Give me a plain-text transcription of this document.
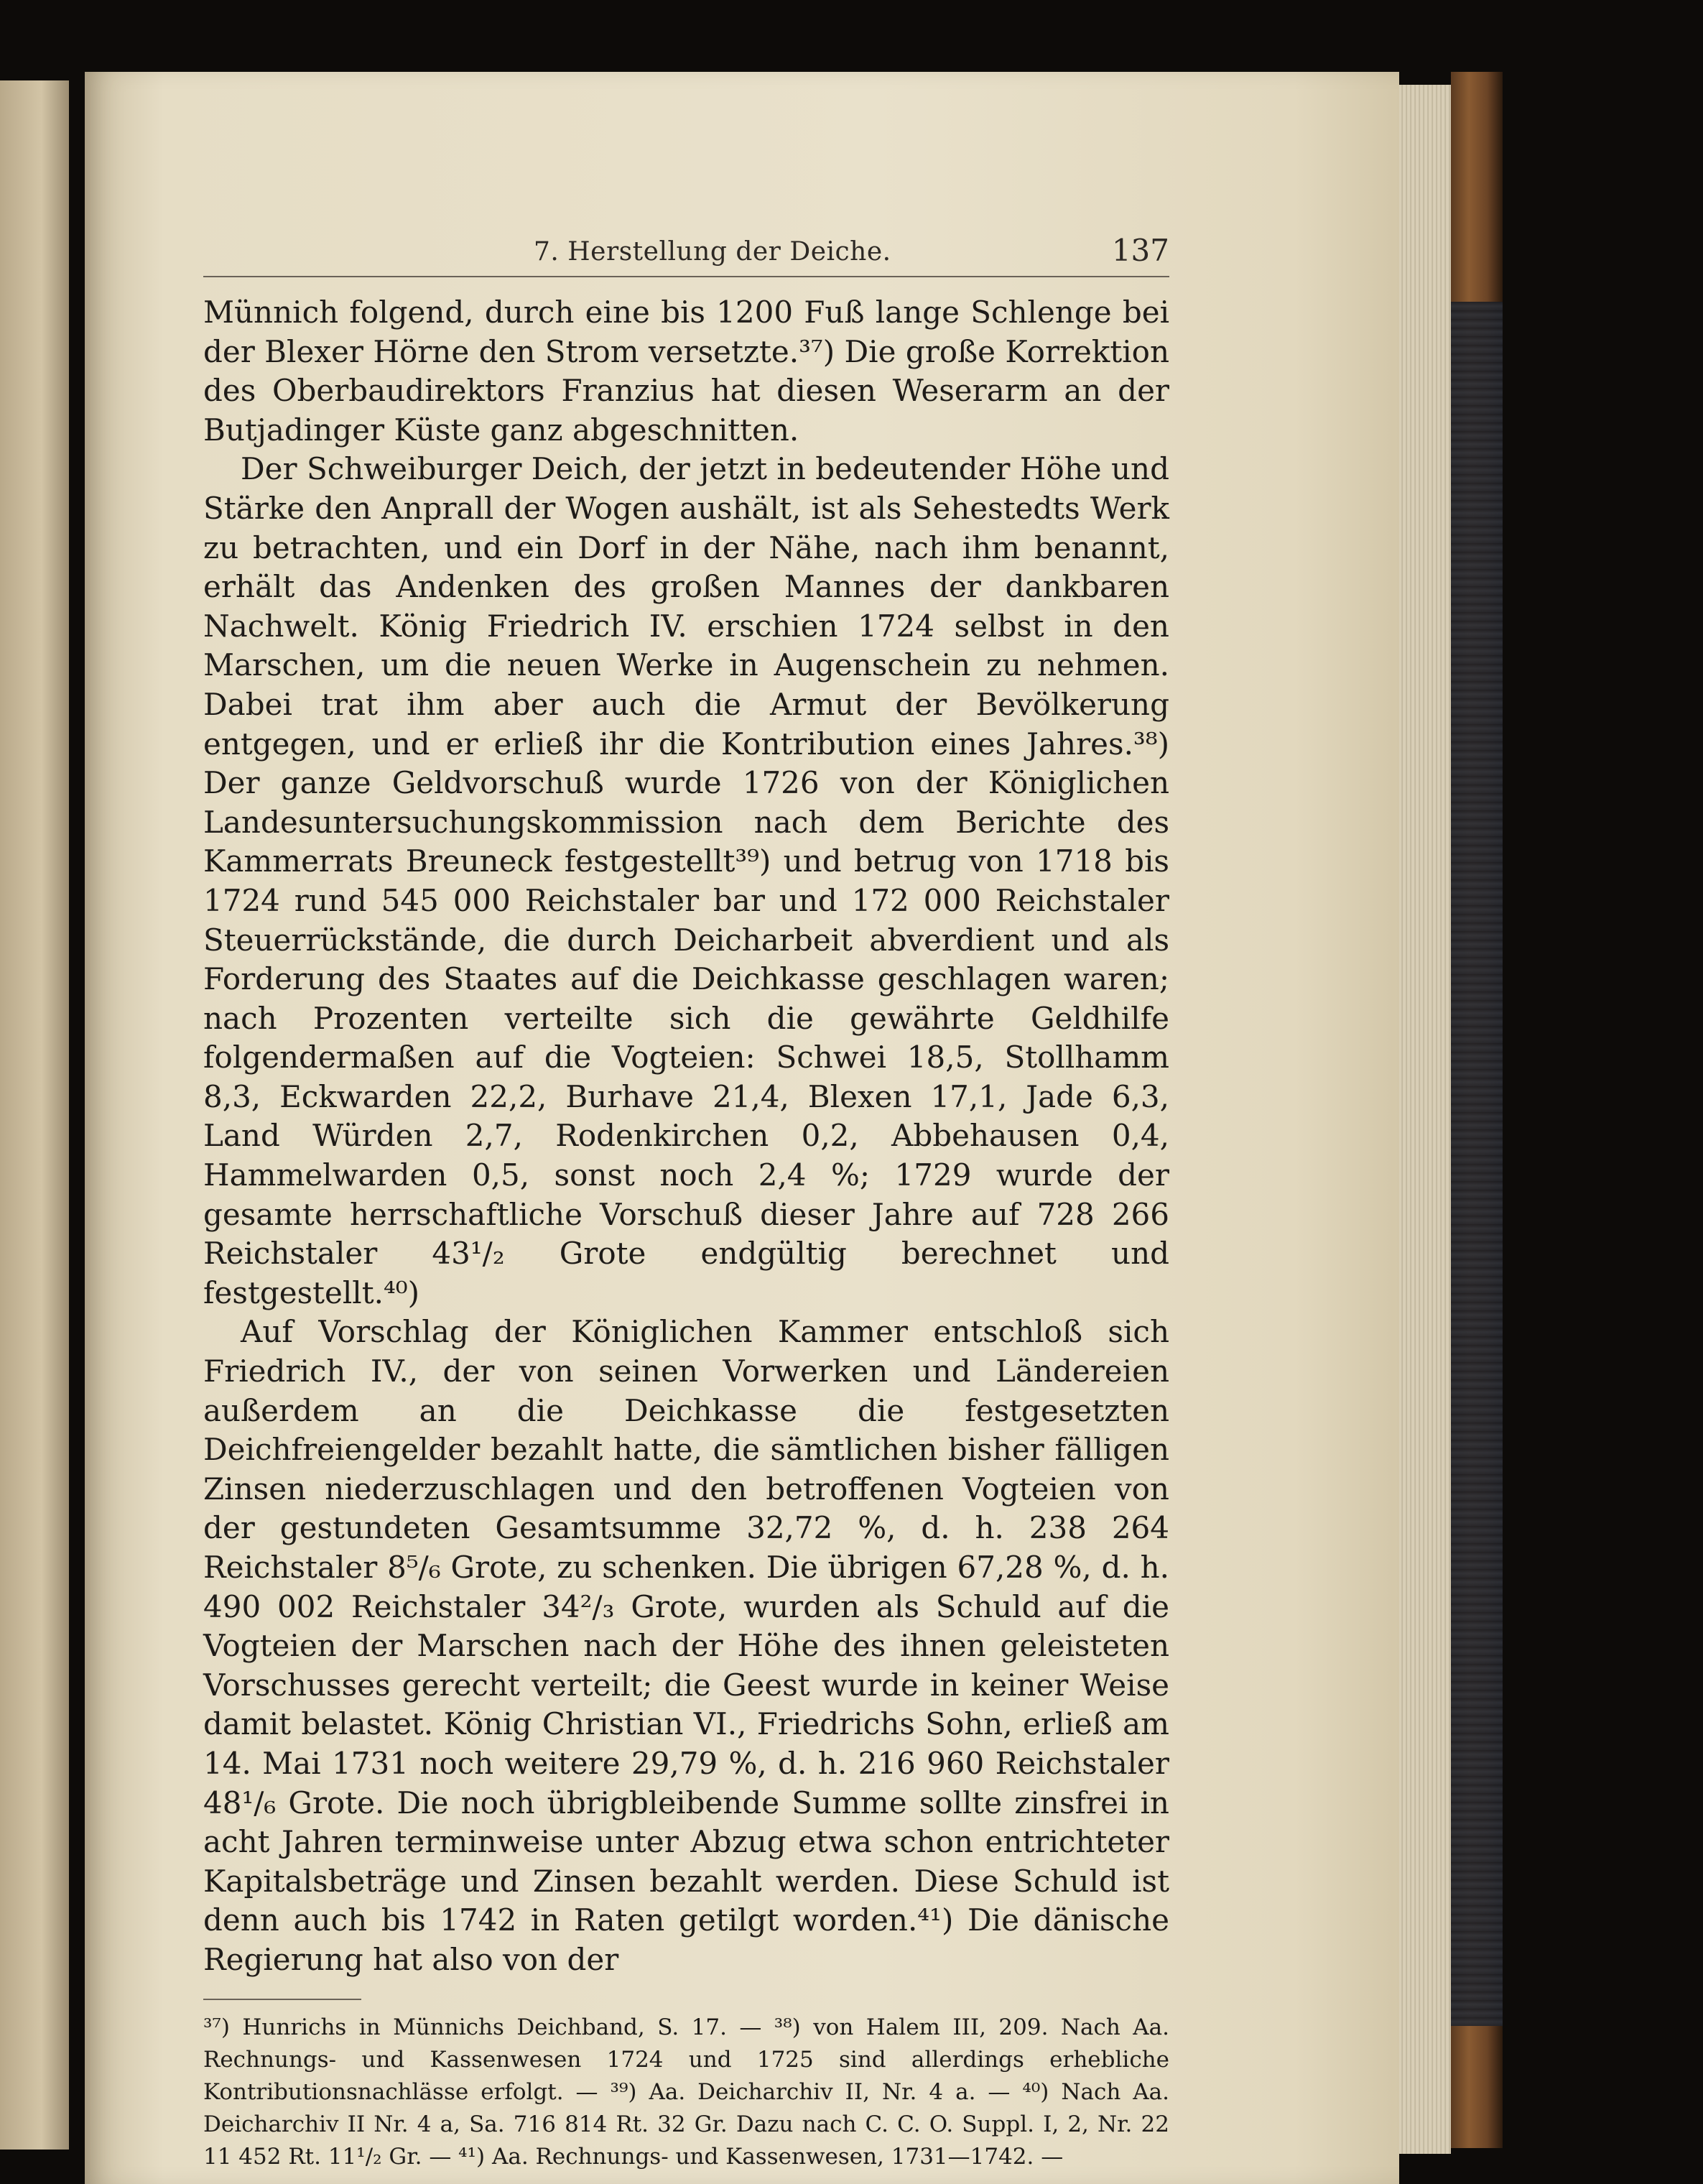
7. Herstellung der Deiche.	137

Münnich folgend, durch eine bis 1200 Fuß lange Schlenge bei der Blexer Hörne den Strom versetzte.³⁷) Die große Korrektion des Oberbaudirektors Franzius hat diesen Weserarm an der Butjadinger Küste ganz abgeschnitten.

Der Schweiburger Deich, der jetzt in bedeutender Höhe und Stärke den Anprall der Wogen aushält, ist als Sehestedts Werk zu betrachten, und ein Dorf in der Nähe, nach ihm benannt, erhält das Andenken des großen Mannes der dankbaren Nachwelt. König Friedrich IV. erschien 1724 selbst in den Marschen, um die neuen Werke in Augenschein zu nehmen. Dabei trat ihm aber auch die Armut der Bevölkerung entgegen, und er erließ ihr die Kontribution eines Jahres.³⁸) Der ganze Geldvorschuß wurde 1726 von der Königlichen Landesuntersuchungskommission nach dem Berichte des Kammerrats Breuneck festgestellt³⁹) und betrug von 1718 bis 1724 rund 545 000 Reichstaler bar und 172 000 Reichstaler Steuerrückstände, die durch Deicharbeit abverdient und als Forderung des Staates auf die Deichkasse geschlagen waren; nach Prozenten verteilte sich die gewährte Geldhilfe folgendermaßen auf die Vogteien: Schwei 18,5, Stollhamm 8,3, Eckwarden 22,2, Burhave 21,4, Blexen 17,1, Jade 6,3, Land Würden 2,7, Rodenkirchen 0,2, Abbehausen 0,4, Hammelwarden 0,5, sonst noch 2,4 %; 1729 wurde der gesamte herrschaftliche Vorschuß dieser Jahre auf 728 266 Reichstaler 43¹/₂ Grote endgültig berechnet und festgestellt.⁴⁰)

Auf Vorschlag der Königlichen Kammer entschloß sich Friedrich IV., der von seinen Vorwerken und Ländereien außerdem an die Deichkasse die festgesetzten Deichfreiengelder bezahlt hatte, die sämtlichen bisher fälligen Zinsen niederzuschlagen und den betroffenen Vogteien von der gestundeten Gesamtsumme 32,72 %, d. h. 238 264 Reichstaler 8⁵/₆ Grote, zu schenken. Die übrigen 67,28 %, d. h. 490 002 Reichstaler 34²/₃ Grote, wurden als Schuld auf die Vogteien der Marschen nach der Höhe des ihnen geleisteten Vorschusses gerecht verteilt; die Geest wurde in keiner Weise damit belastet. König Christian VI., Friedrichs Sohn, erließ am 14. Mai 1731 noch weitere 29,79 %, d. h. 216 960 Reichstaler 48¹/₆ Grote. Die noch übrigbleibende Summe sollte zinsfrei in acht Jahren terminweise unter Abzug etwa schon entrichteter Kapitalsbeträge und Zinsen bezahlt werden. Diese Schuld ist denn auch bis 1742 in Raten getilgt worden.⁴¹) Die dänische Regierung hat also von der

³⁷) Hunrichs in Münnichs Deichband, S. 17. — ³⁸) von Halem III, 209. Nach Aa. Rechnungs- und Kassenwesen 1724 und 1725 sind allerdings erhebliche Kontributionsnachlässe erfolgt. — ³⁹) Aa. Deicharchiv II, Nr. 4 a. — ⁴⁰) Nach Aa. Deicharchiv II Nr. 4 a, Sa. 716 814 Rt. 32 Gr. Dazu nach C. C. O. Suppl. I, 2, Nr. 22 11 452 Rt. 11¹/₂ Gr. — ⁴¹) Aa. Rechnungs- und Kassenwesen, 1731—1742. —
